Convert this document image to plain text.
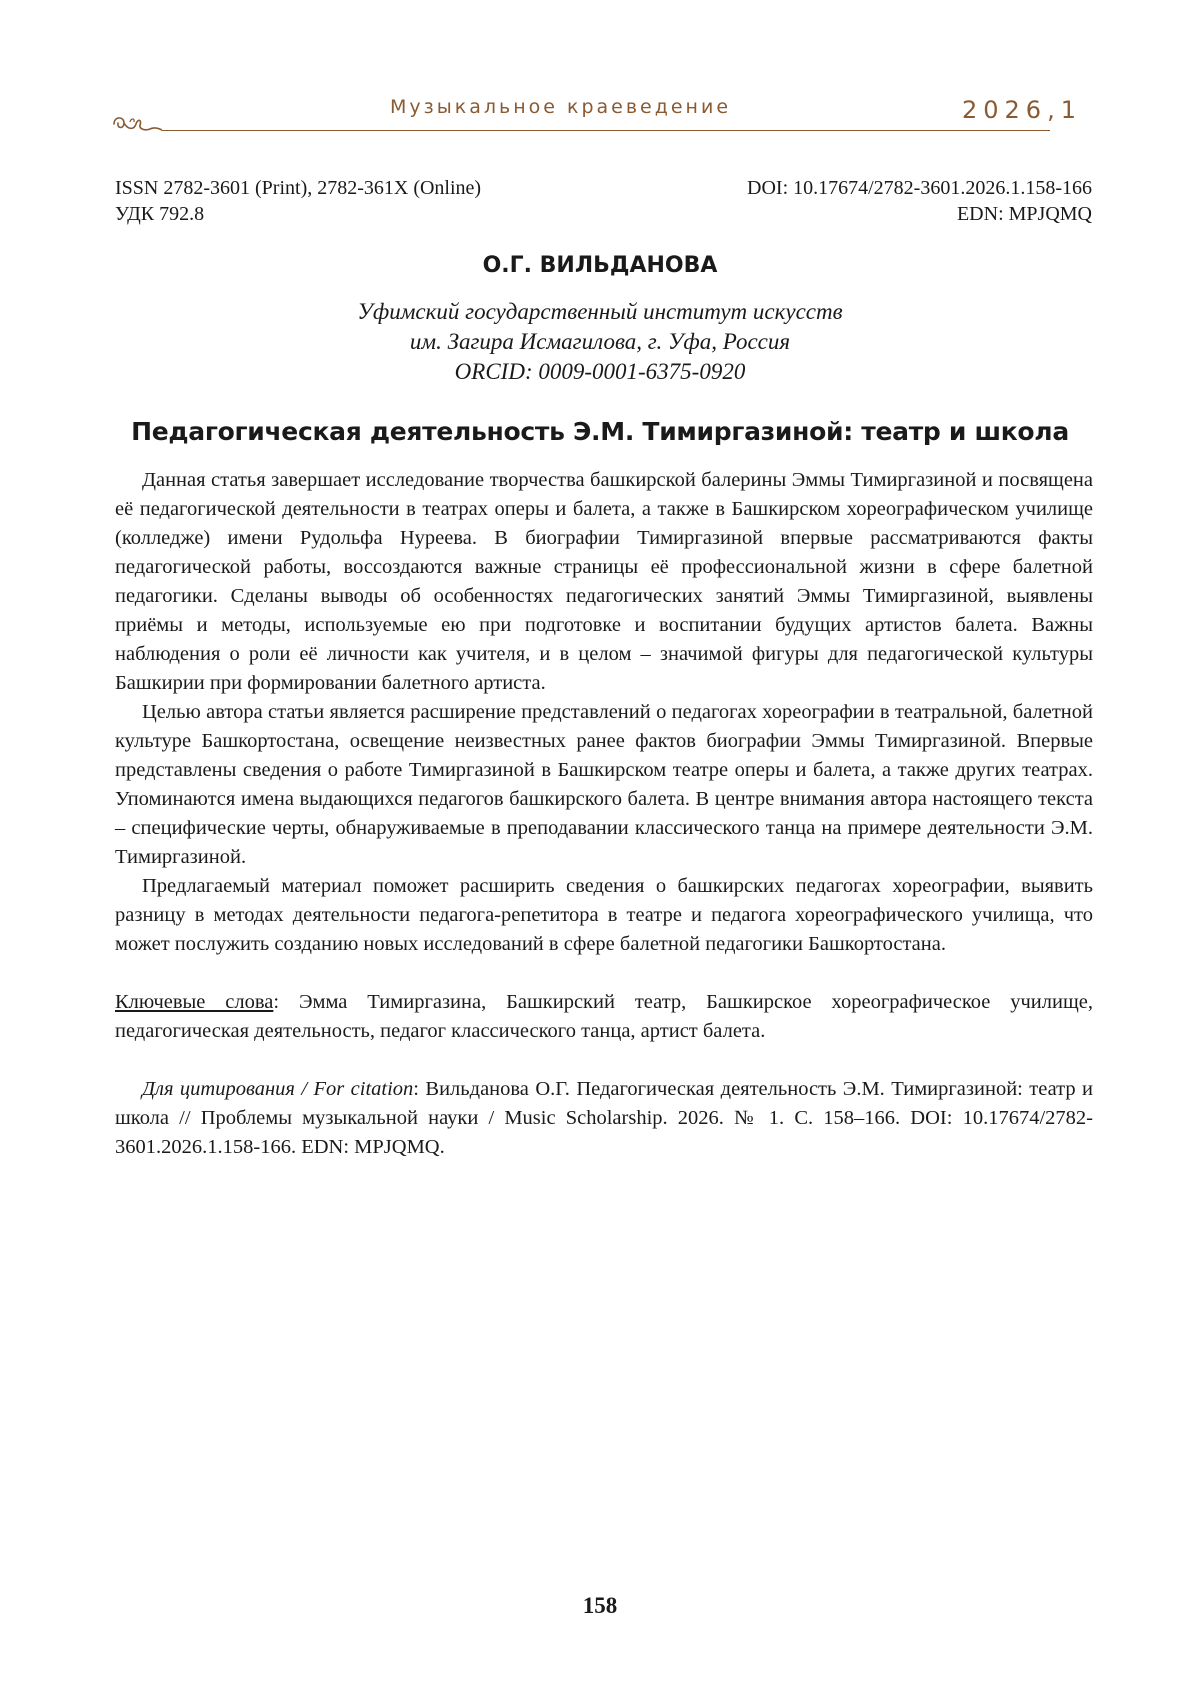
Музыкальное краеведение	2026,1
ISSN 2782-3601 (Print), 2782-361X (Online)
УДК 792.8
DOI: 10.17674/2782-3601.2026.1.158-166
EDN: MPJQMQ
О.Г. ВИЛЬДАНОВА
Уфимский государственный институт искусств
им. Загира Исмагилова, г. Уфа, Россия
ORCID: 0009-0001-6375-0920
Педагогическая деятельность Э.М. Тимиргазиной: театр и школа

Данная статья завершает исследование творчества башкирской балерины Эммы Тимиргазиной и посвящена её педагогической деятельности в театрах оперы и балета, а также в Башкирском хореографическом училище (колледже) имени Рудольфа Нуреева. В биографии Тимиргазиной впервые рассматриваются факты педагогической работы, воссоздаются важные страницы её профессиональной жизни в сфере балетной педагогики. Сделаны выводы об особенностях педагогических занятий Эммы Тимиргазиной, выявлены приёмы и методы, используемые ею при подготовке и воспитании будущих артистов балета. Важны наблюдения о роли её личности как учителя, и в целом – значимой фигуры для педагогической культуры Башкирии при формировании балетного артиста.

Целью автора статьи является расширение представлений о педагогах хореографии в театральной, балетной культуре Башкортостана, освещение неизвестных ранее фактов биографии Эммы Тимиргазиной. Впервые представлены сведения о работе Тимиргазиной в Башкирском театре оперы и балета, а также других театрах. Упоминаются имена выдающихся педагогов башкирского балета. В центре внимания автора настоящего текста – специфические черты, обнаруживаемые в преподавании классического танца на примере деятельности Э.М. Тимиргазиной.

Предлагаемый материал поможет расширить сведения о башкирских педагогах хореографии, выявить разницу в методах деятельности педагога-репетитора в театре и педагога хореографического училища, что может послужить созданию новых исследований в сфере балетной педагогики Башкортостана.

Ключевые слова: Эмма Тимиргазина, Башкирский театр, Башкирское хореографическое училище, педагогическая деятельность, педагог классического танца, артист балета.
Для цитирования / For citation: Вильданова О.Г. Педагогическая деятельность Э.М. Тимиргазиной: театр и школа // Проблемы музыкальной науки / Music Scholarship. 2026. № 1. С. 158–166. DOI: 10.17674/2782-3601.2026.1.158-166. EDN: MPJQMQ.
158
